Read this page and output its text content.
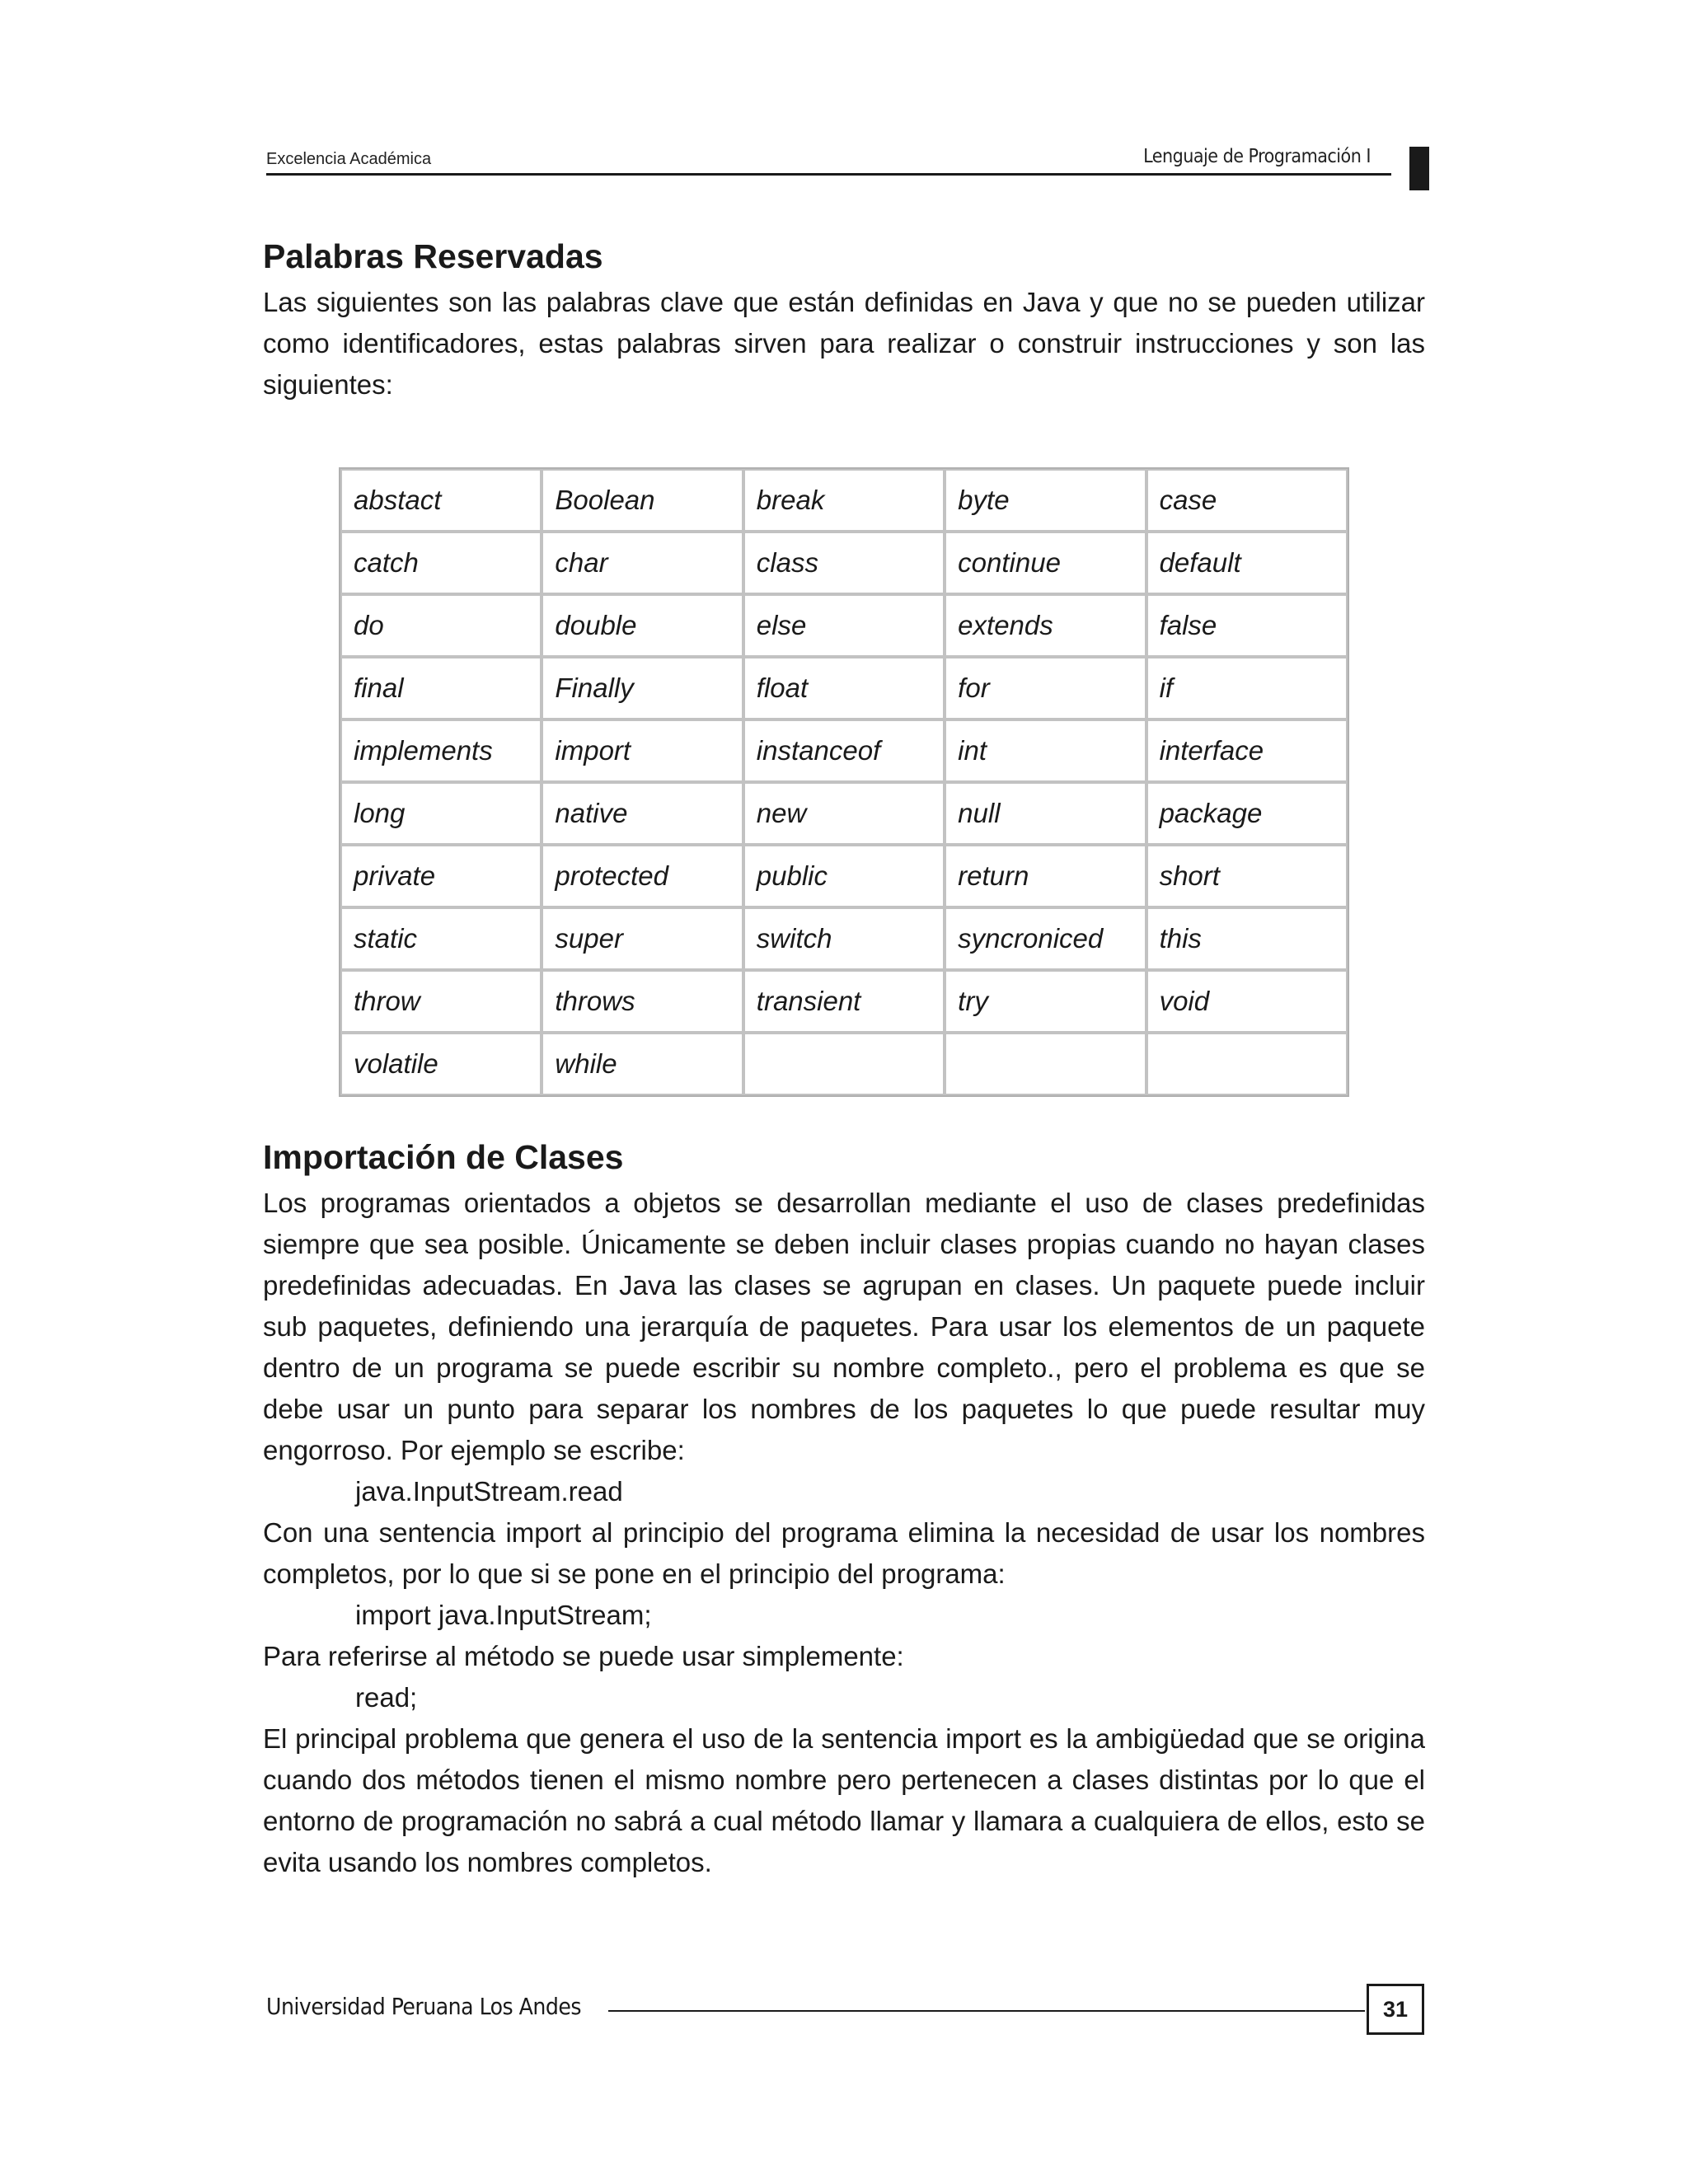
Excelencia Académica	Lenguaje de Programación I
Palabras Reservadas

Las siguientes son las palabras clave que están definidas en Java y que no se pueden utilizar como identificadores, estas palabras sirven para realizar o construir instrucciones y son las siguientes:

abstact	Boolean	break	byte	case
catch	char	class	continue	default
do	double	else	extends	false
final	Finally	float	for	if
implements	import	instanceof	int	interface
long	native	new	null	package
private	protected	public	return	short
static	super	switch	syncroniced	this
throw	throws	transient	try	void
volatile	while			
Importación de Clases

Los programas orientados a objetos se desarrollan mediante el uso de clases predefinidas siempre que sea posible. Únicamente se deben incluir clases propias cuando no hayan clases predefinidas adecuadas. En Java las clases se agrupan en clases. Un paquete puede incluir sub paquetes, definiendo una jerarquía de paquetes. Para usar los elementos de un paquete dentro de un programa se puede escribir su nombre completo., pero el problema es que se debe usar un punto para separar los nombres de los paquetes lo que puede resultar muy engorroso. Por ejemplo se escribe:

java.InputStream.read

Con una sentencia import al principio del programa elimina la necesidad de usar los nombres completos, por lo que si se pone en el principio del programa:

import java.InputStream;

Para referirse al método se puede usar simplemente:

read;

El principal problema que genera el uso de la sentencia import es la ambigüedad que se origina cuando dos métodos tienen el mismo nombre pero pertenecen a clases distintas por lo que el entorno de programación no sabrá a cual método llamar y llamara a cualquiera de ellos, esto se evita usando los nombres completos.

Universidad Peruana Los Andes	31
